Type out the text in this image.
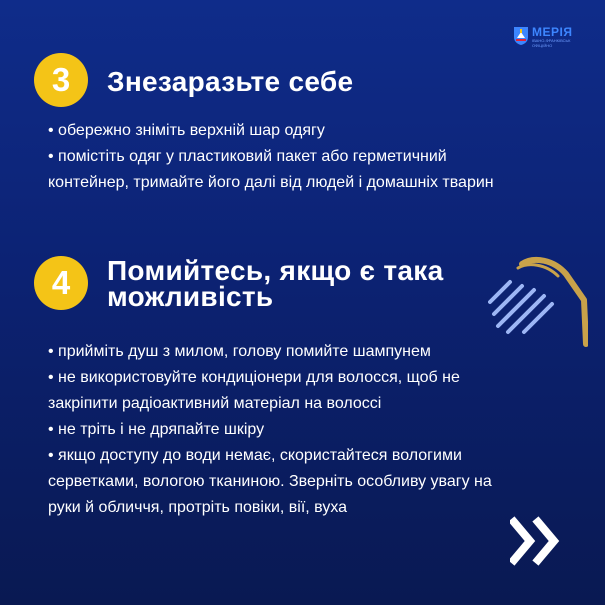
МЕРІЯ
ІВАНО-ФРАНКІВСЬК
ОФІЦІЙНО
3 Знезаразьте себе
• обережно зніміть верхній шар одягу
• помістіть одяг у пластиковий пакет або герметичний
контейнер, тримайте його далі від людей і домашніх тварин
4 Помийтесь, якщо є така
можливість
• прийміть душ з милом, голову помийте шампунем
• не використовуйте кондиціонери для волосся, щоб не
закріпити радіоактивний матеріал на волоссі
• не тріть і не дряпайте шкіру
• якщо доступу до води немає, скористайтеся вологими
серветками, вологою тканиною. Зверніть особливу увагу на
руки й обличчя, протріть повіки, вії, вуха
